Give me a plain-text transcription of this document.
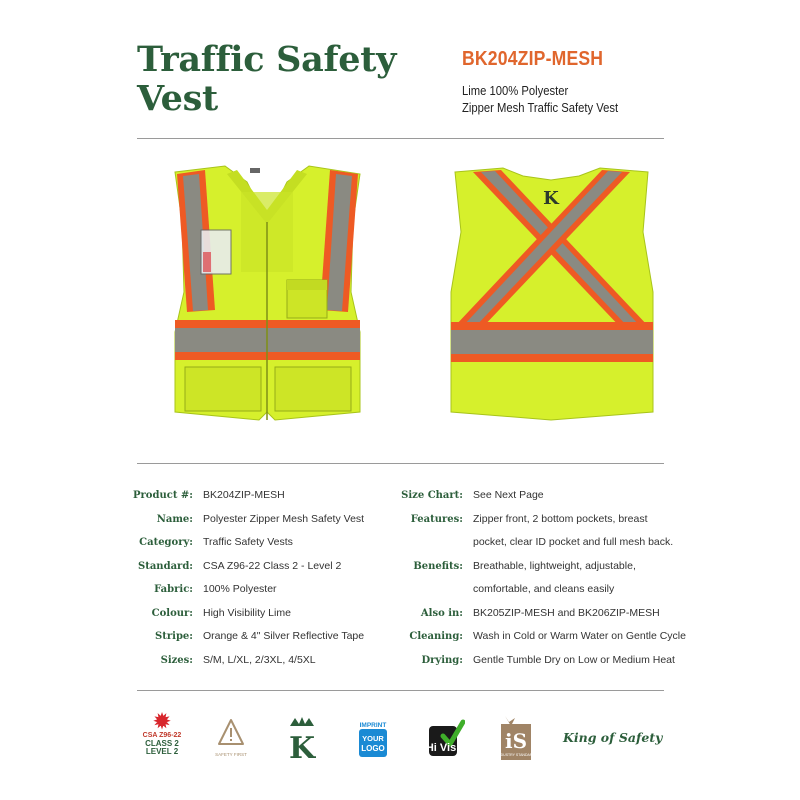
Traffic Safety Vest
BK204ZIP-MESH
Lime 100% Polyester
Zipper Mesh Traffic Safety Vest
K
Product #: BK204ZIP-MESH
Name: Polyester Zipper Mesh Safety Vest
Category: Traffic Safety Vests
Standard: CSA Z96-22 Class 2 - Level 2
Fabric: 100% Polyester
Colour: High Visibility Lime
Stripe: Orange & 4" Silver Reflective Tape
Sizes: S/M, L/XL, 2/3XL, 4/5XL
Size Chart: See Next Page
Features: Zipper front, 2 bottom pockets, breast
pocket, clear ID pocket and full mesh back.
Benefits: Breathable, lightweight, adjustable,
comfortable, and cleans easily
Also in: BK205ZIP-MESH and BK206ZIP-MESH
Cleaning: Wash in Cold or Warm Water on Gentle Cycle
Drying: Gentle Tumble Dry on Low or Medium Heat
✹
CSA Z96-22
CLASS 2
LEVEL 2	SAFETY FIRST K
IMPRINT
YOUR
LOGO	Hi Vis iS
INDUSTRY STANDARD
King of Safety
